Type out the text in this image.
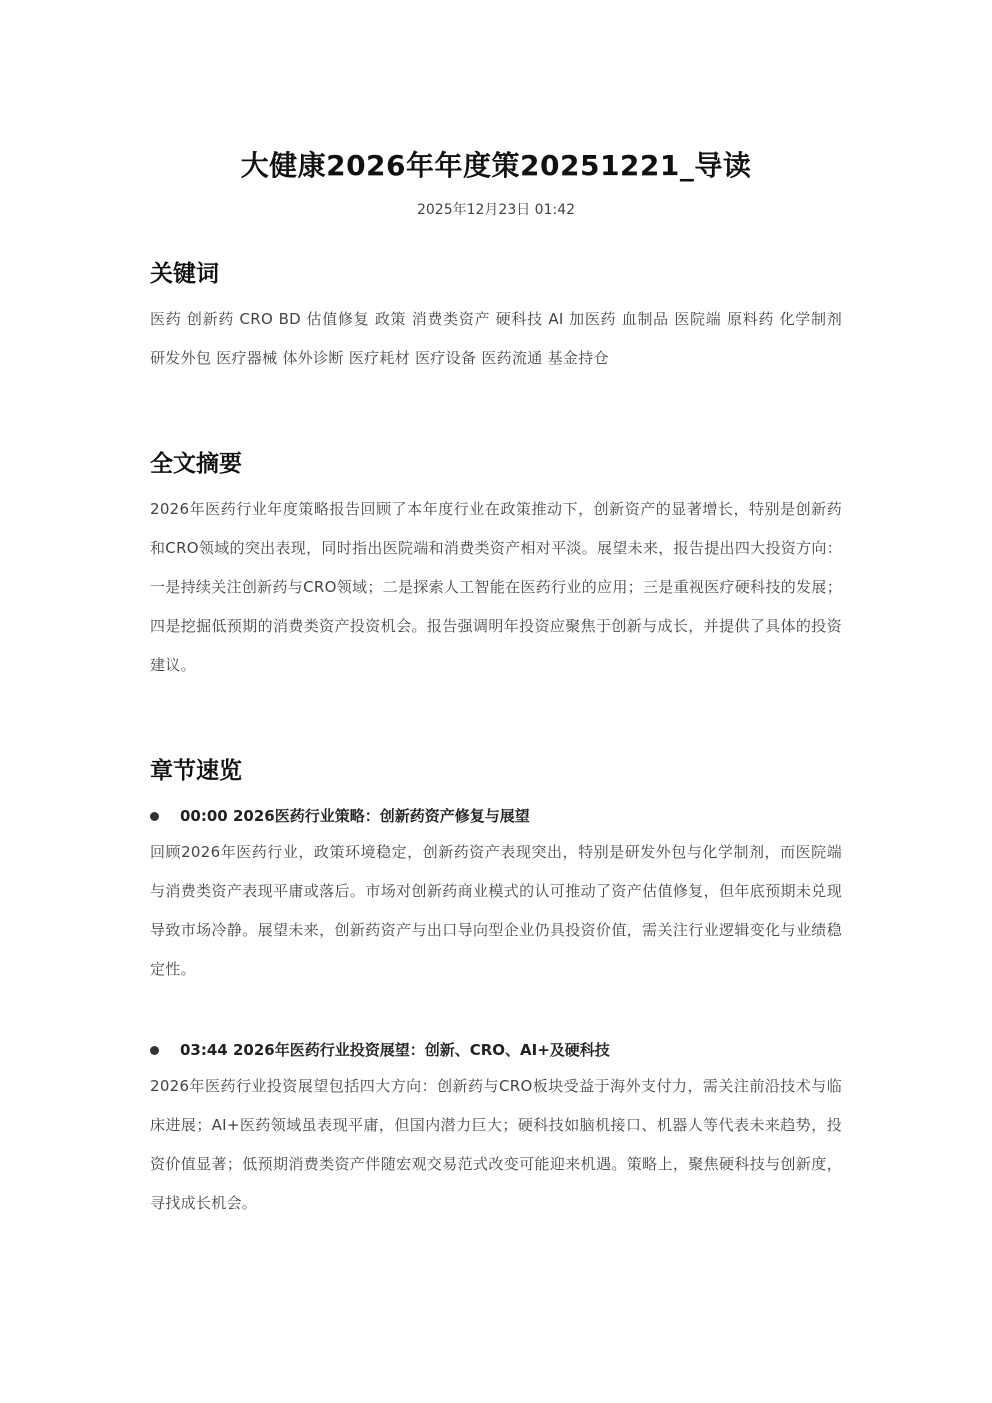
大健康2026年年度策20251221_导读
2025年12月23日 01:42
关键词

医药 创新药 CRO BD 估值修复 政策 消费类资产 硬科技 AI 加医药 血制品 医院端 原料药 化学制剂 研发外包 医疗器械 体外诊断 医疗耗材 医疗设备 医药流通 基金持仓

全文摘要

2026年医药行业年度策略报告回顾了本年度行业在政策推动下，创新资产的显著增长，特别是创新药和CRO领域的突出表现，同时指出医院端和消费类资产相对平淡。展望未来，报告提出四大投资方向：一是持续关注创新药与CRO领域；二是探索人工智能在医药行业的应用；三是重视医疗硬科技的发展；四是挖掘低预期的消费类资产投资机会。报告强调明年投资应聚焦于创新与成长，并提供了具体的投资建议。

章节速览
00:00 2026医药行业策略：创新药资产修复与展望

回顾2026年医药行业，政策环境稳定，创新药资产表现突出，特别是研发外包与化学制剂，而医院端与消费类资产表现平庸或落后。市场对创新药商业模式的认可推动了资产估值修复，但年底预期未兑现导致市场冷静。展望未来，创新药资产与出口导向型企业仍具投资价值，需关注行业逻辑变化与业绩稳定性。

03:44 2026年医药行业投资展望：创新、CRO、AI+及硬科技

2026年医药行业投资展望包括四大方向：创新药与CRO板块受益于海外支付力，需关注前沿技术与临床进展；AI+医药领域虽表现平庸，但国内潜力巨大；硬科技如脑机接口、机器人等代表未来趋势，投资价值显著；低预期消费类资产伴随宏观交易范式改变可能迎来机遇。策略上，聚焦硬科技与创新度，寻找成长机会。
